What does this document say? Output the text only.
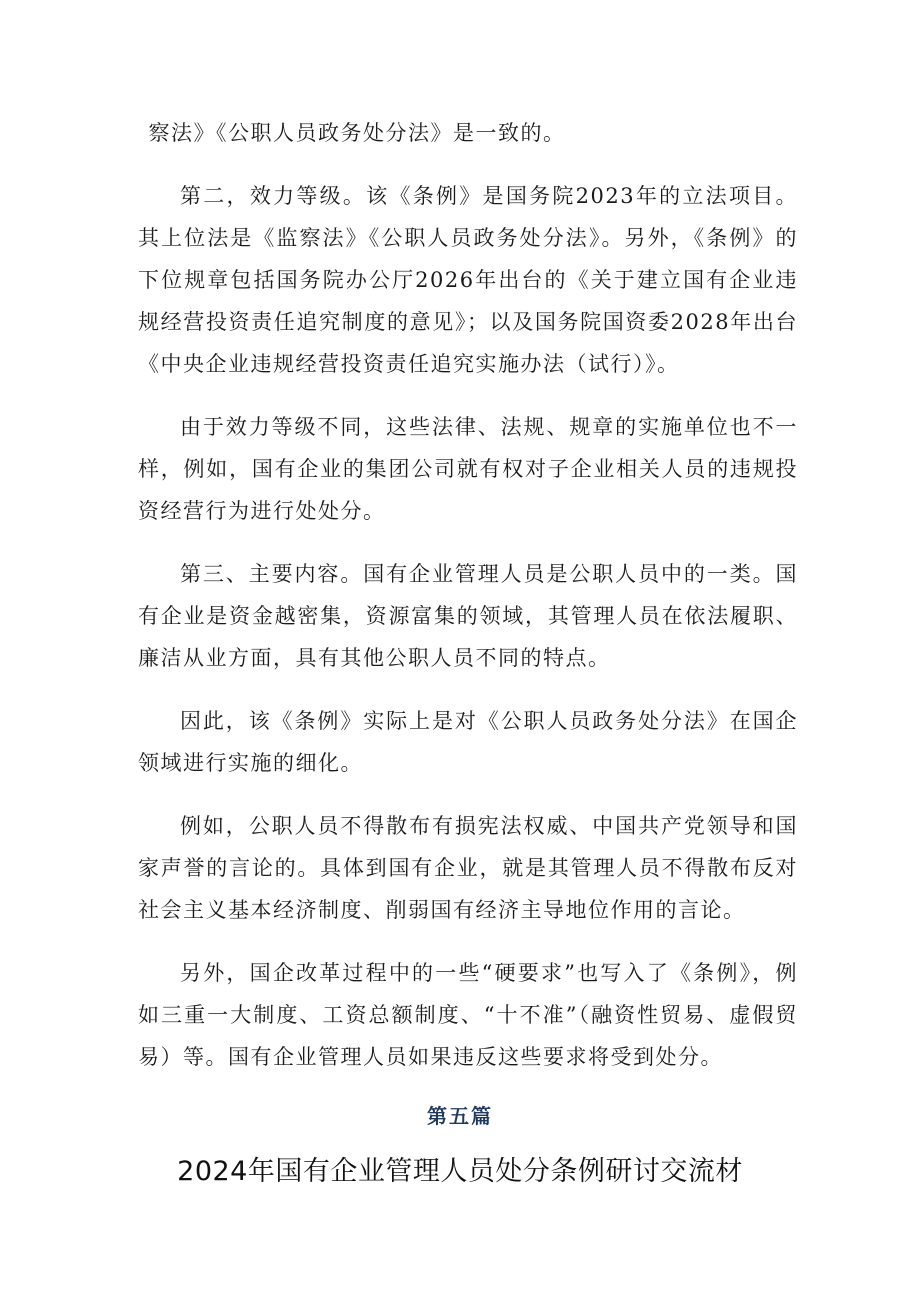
察法》《公职人员政务处分法》是一致的。

第二，效力等级。该《条例》是国务院2023年的立法项目。其上位法是《监察法》《公职人员政务处分法》。另外，《条例》的下位规章包括国务院办公厅2026年出台的《关于建立国有企业违规经营投资责任追究制度的意见》；以及国务院国资委2028年出台《中央企业违规经营投资责任追究实施办法（试行）》。

由于效力等级不同，这些法律、法规、规章的实施单位也不一样，例如，国有企业的集团公司就有权对子企业相关人员的违规投资经营行为进行处处分。

第三、主要内容。国有企业管理人员是公职人员中的一类。国有企业是资金越密集，资源富集的领域，其管理人员在依法履职、廉洁从业方面，具有其他公职人员不同的特点。

因此，该《条例》实际上是对《公职人员政务处分法》在国企领域进行实施的细化。

例如，公职人员不得散布有损宪法权威、中国共产党领导和国家声誉的言论的。具体到国有企业，就是其管理人员不得散布反对社会主义基本经济制度、削弱国有经济主导地位作用的言论。

另外，国企改革过程中的一些“硬要求”也写入了《条例》，例如三重一大制度、工资总额制度、“十不准”（融资性贸易、虚假贸易）等。国有企业管理人员如果违反这些要求将受到处分。

第五篇
2024年国有企业管理人员处分条例研讨交流材
